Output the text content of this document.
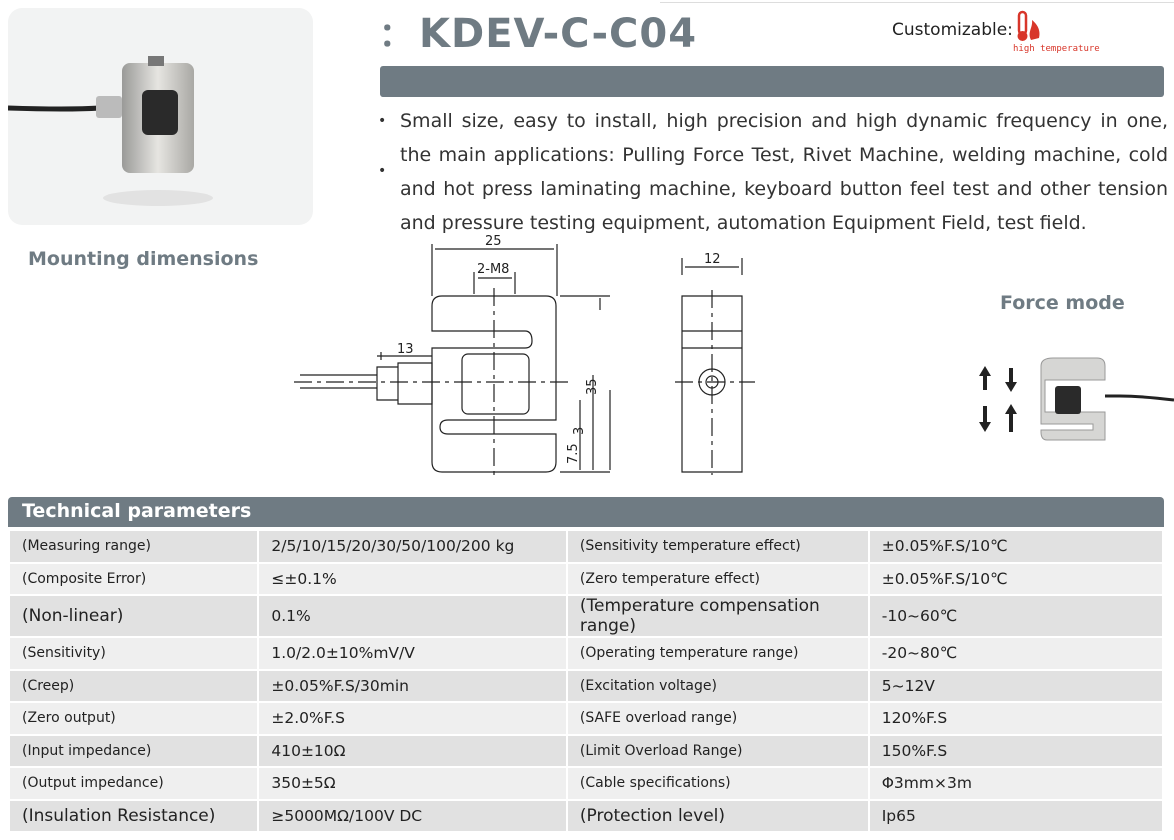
Mounting dimensions
：KDEV-C-C04	Customizable:
high temperature
•
•

Small size, easy to install, high precision and high dynamic frequency in one, the main applications: Pulling Force Test, Rivet Machine, welding machine, cold and hot press laminating machine, keyboard button feel test and other tension and pressure testing equipment, automation Equipment Field, test field.

25
2-M8
13
35
3
7.5
12
Force mode
Technical parameters
(Measuring range)	2/5/10/15/20/30/50/100/200 kg	(Sensitivity temperature effect)	±0.05%F.S/10℃
(Composite Error)	≤±0.1%	(Zero temperature effect)	±0.05%F.S/10℃
(Non-linear)	0.1%	(Temperature compensation range)	-10~60℃
(Sensitivity)	1.0/2.0±10%mV/V	(Operating temperature range)	-20~80℃
(Creep)	±0.05%F.S/30min	(Excitation voltage)	5~12V
(Zero output)	±2.0%F.S	(SAFE overload range)	120%F.S
(Input impedance)	410±10Ω	(Limit Overload Range)	150%F.S
(Output impedance)	350±5Ω	(Cable specifications)	Φ3mm×3m
(Insulation Resistance)	≥5000MΩ/100V DC	(Protection level)	Ip65
